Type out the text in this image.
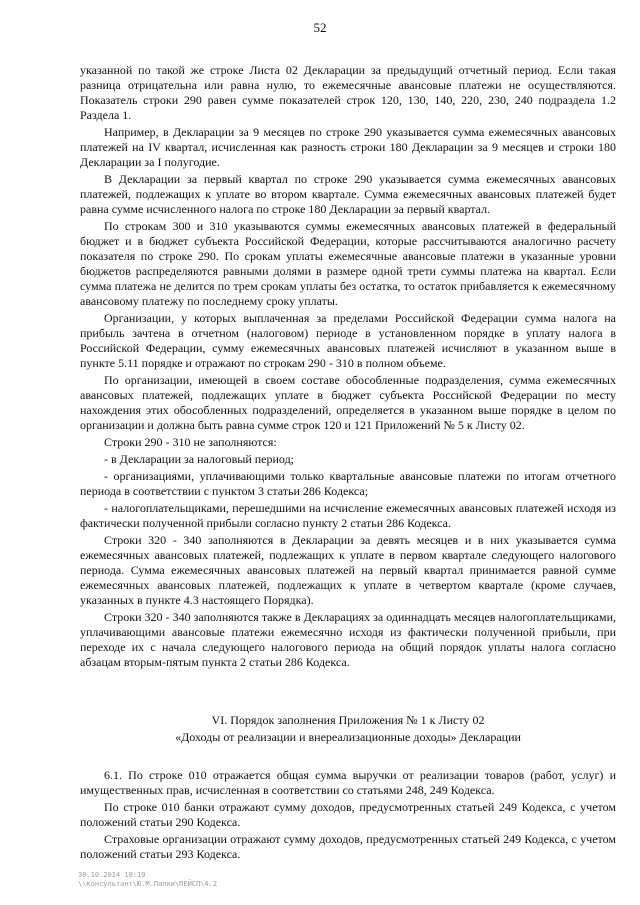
52

указанной по такой же строке Листа 02 Декларации за предыдущий отчетный период. Если такая разница отрицательна или равна нулю, то ежемесячные авансовые платежи не осуществляются. Показатель строки 290 равен сумме показателей строк 120, 130, 140, 220, 230, 240 подраздела 1.2 Раздела 1.

Например, в Декларации за 9 месяцев по строке 290 указывается сумма ежемесячных авансовых платежей на IV квартал, исчисленная как разность строки 180 Декларации за 9 месяцев и строки 180 Декларации за I полугодие.

В Декларации за первый квартал по строке 290 указывается сумма ежемесячных авансовых платежей, подлежащих к уплате во втором квартале. Сумма ежемесячных авансовых платежей будет равна сумме исчисленного налога по строке 180 Декларации за первый квартал.

По строкам 300 и 310 указываются суммы ежемесячных авансовых платежей в федеральный бюджет и в бюджет субъекта Российской Федерации, которые рассчитываются аналогично расчету показателя по строке 290. По срокам уплаты ежемесячные авансовые платежи в указанные уровни бюджетов распределяются равными долями в размере одной трети суммы платежа на квартал. Если сумма платежа не делится по трем срокам уплаты без остатка, то остаток прибавляется к ежемесячному авансовому платежу по последнему сроку уплаты.

Организации, у которых выплаченная за пределами Российской Федерации сумма налога на прибыль зачтена в отчетном (налоговом) периоде в установленном порядке в уплату налога в Российской Федерации, сумму ежемесячных авансовых платежей исчисляют в указанном выше в пункте 5.11 порядке и отражают по строкам 290 - 310 в полном объеме.

По организации, имеющей в своем составе обособленные подразделения, сумма ежемесячных авансовых платежей, подлежащих уплате в бюджет субъекта Российской Федерации по месту нахождения этих обособленных подразделений, определяется в указанном выше порядке в целом по организации и должна быть равна сумме строк 120 и 121 Приложений № 5 к Листу 02.

Строки 290 - 310 не заполняются:

- в Декларации за налоговый период;

- организациями, уплачивающими только квартальные авансовые платежи по итогам отчетного периода в соответствии с пунктом 3 статьи 286 Кодекса;

- налогоплательщиками, перешедшими на исчисление ежемесячных авансовых платежей исходя из фактически полученной прибыли согласно пункту 2 статьи 286 Кодекса.

Строки 320 - 340 заполняются в Декларации за девять месяцев и в них указывается сумма ежемесячных авансовых платежей, подлежащих к уплате в первом квартале следующего налогового периода. Сумма ежемесячных авансовых платежей на первый квартал принимается равной сумме ежемесячных авансовых платежей, подлежащих к уплате в четвертом квартале (кроме случаев, указанных в пункте 4.3 настоящего Порядка).

Строки 320 - 340 заполняются также в Декларациях за одиннадцать месяцев налогоплательщиками, уплачивающими авансовые платежи ежемесячно исходя из фактически полученной прибыли, при переходе их с начала следующего налогового периода на общий порядок уплаты налога согласно абзацам вторым-пятым пункта 2 статьи 286 Кодекса.

VI. Порядок заполнения Приложения № 1 к Листу 02
«Доходы от реализации и внереализационные доходы» Декларации

6.1. По строке 010 отражается общая сумма выручки от реализации товаров (работ, услуг) и имущественных прав, исчисленная в соответствии со статьями 248, 249 Кодекса.

По строке 010 банки отражают сумму доходов, предусмотренных статьей 249 Кодекса, с учетом положений статьи 290 Кодекса.

Страховые организации отражают сумму доходов, предусмотренных статьей 249 Кодекса, с учетом положений статьи 293 Кодекса.

30.10.2014 10:19
\\Консультант\Ю.М.Папки\ПЕЙСП\4.2
